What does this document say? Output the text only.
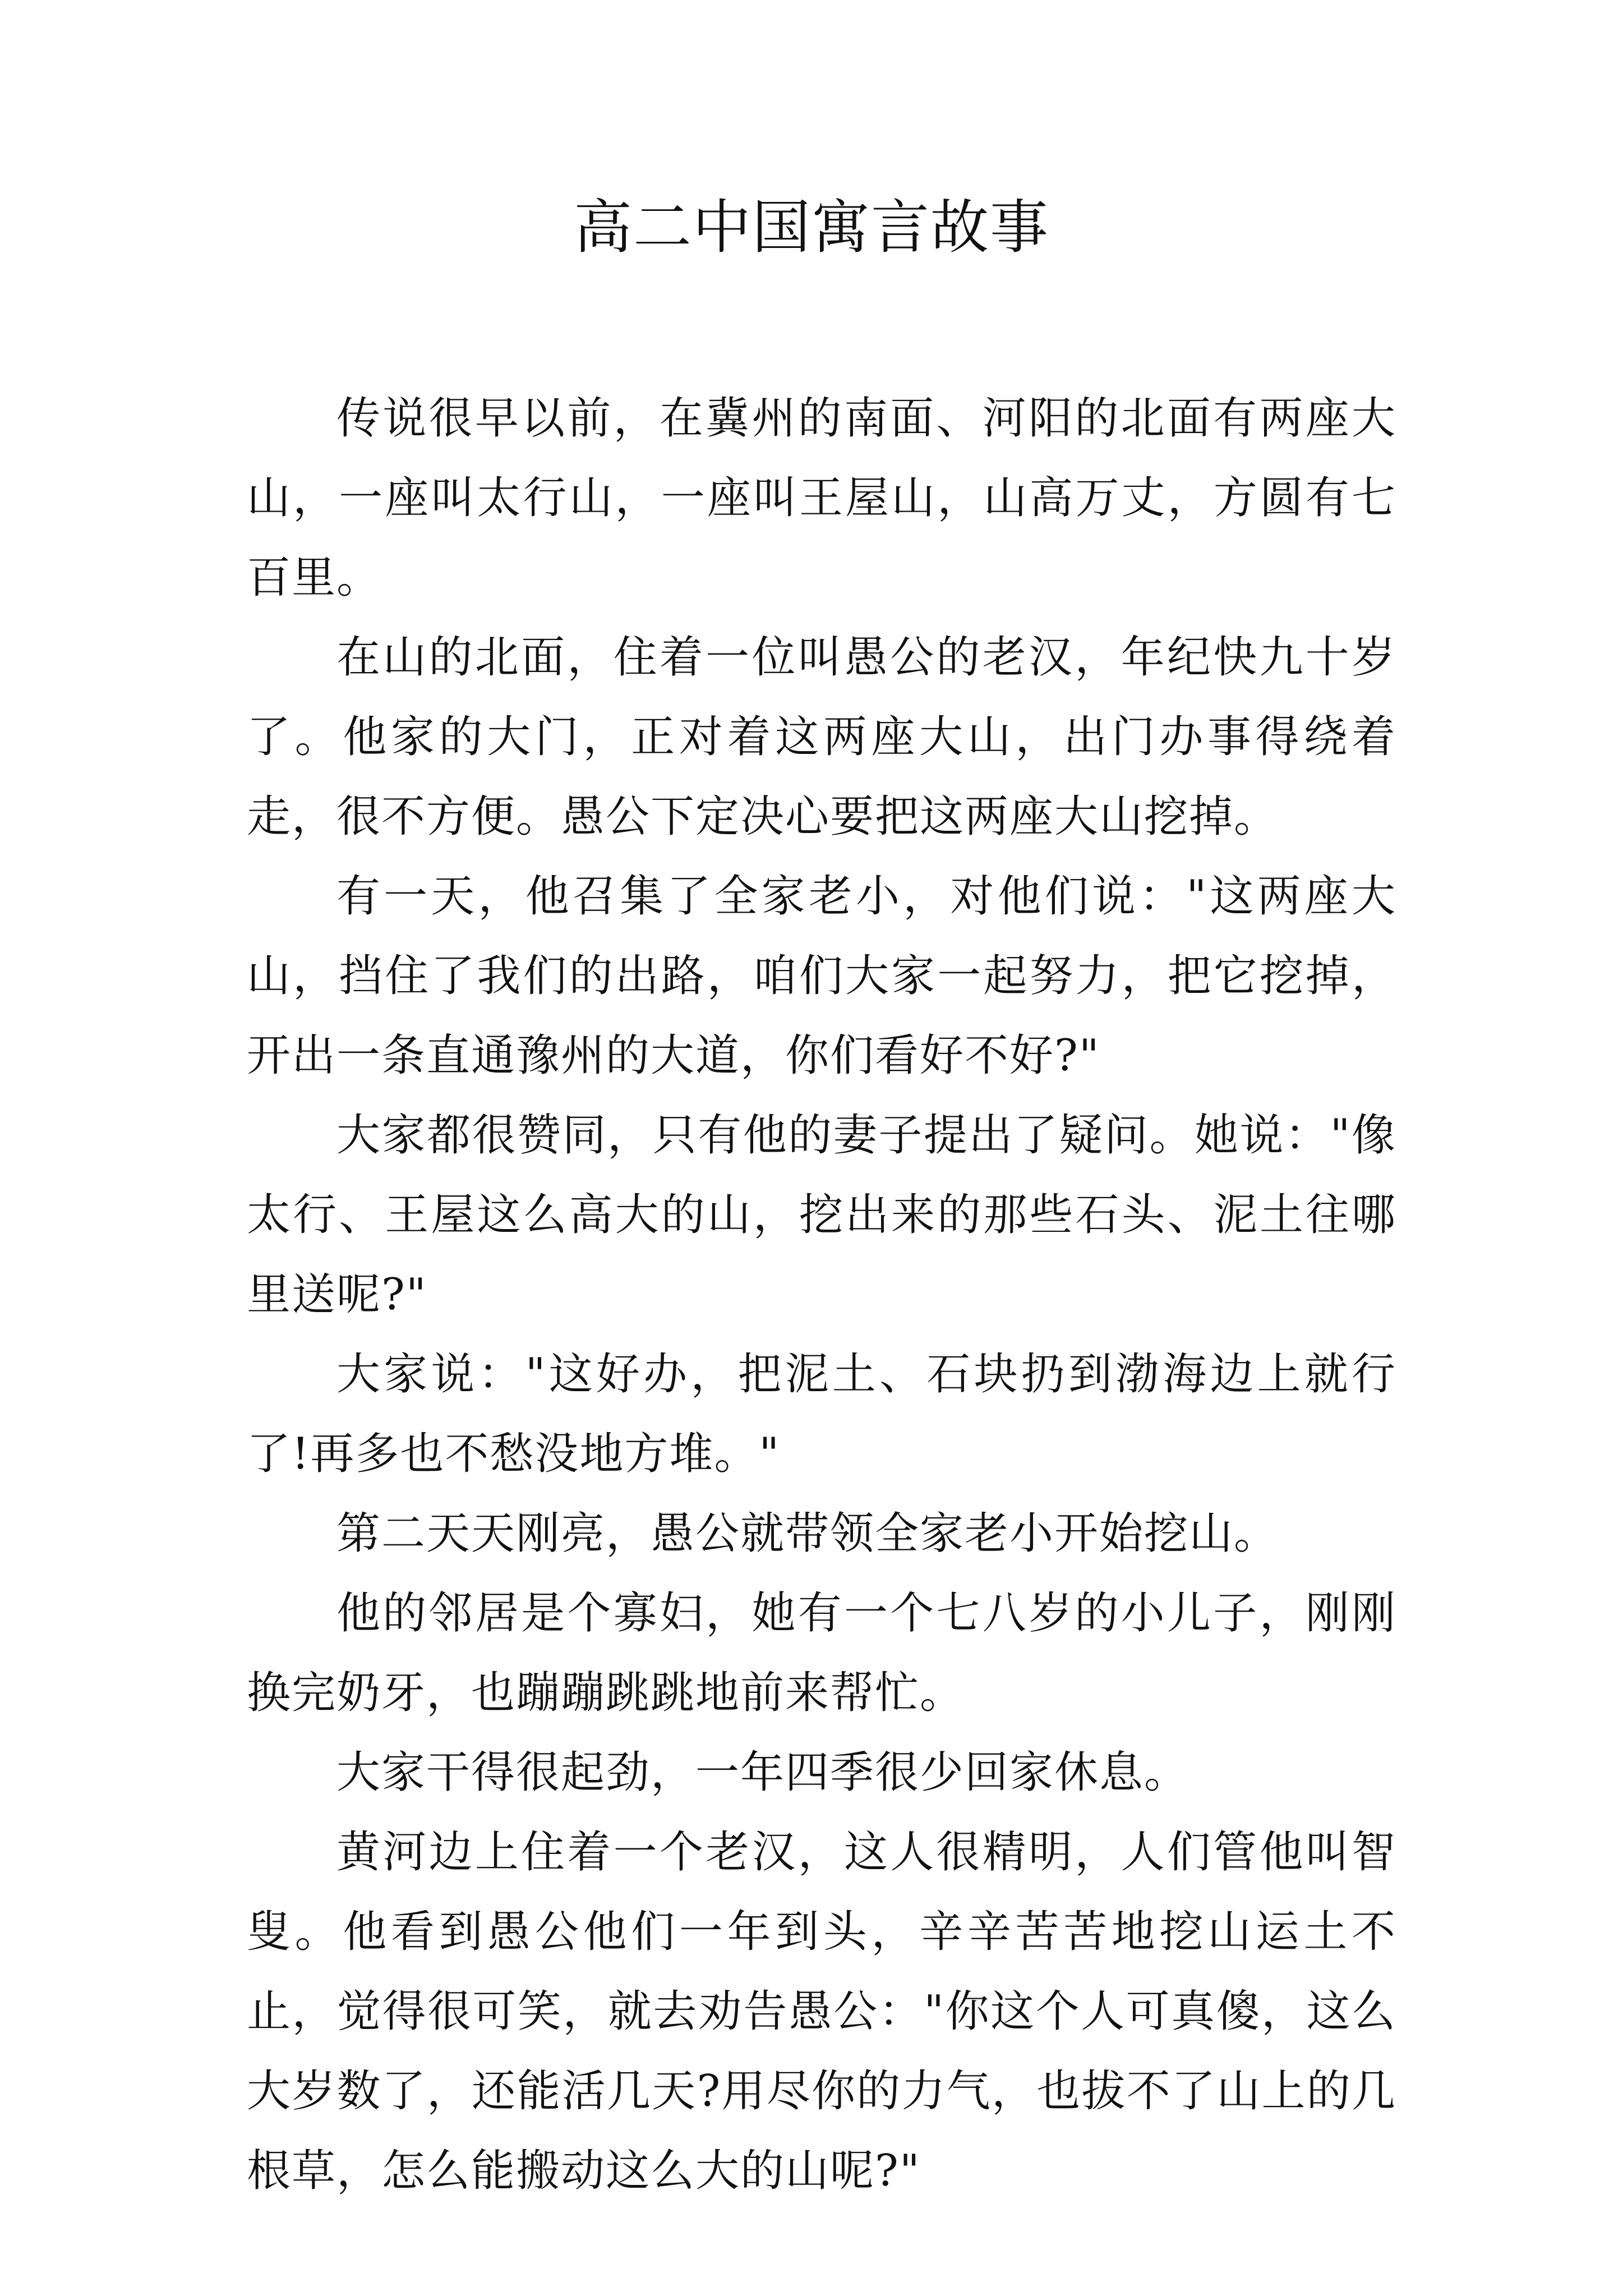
高二中国寓言故事

传说很早以前，在冀州的南面、河阳的北面有两座大山，一座叫太行山，一座叫王屋山，山高万丈，方圆有七百里。

在山的北面，住着一位叫愚公的老汉，年纪快九十岁了。他家的大门，正对着这两座大山，出门办事得绕着走，很不方便。愚公下定决心要把这两座大山挖掉。

有一天，他召集了全家老小，对他们说："这两座大山，挡住了我们的出路，咱们大家一起努力，把它挖掉，开出一条直通豫州的大道，你们看好不好?"

大家都很赞同，只有他的妻子提出了疑问。她说："像太行、王屋这么高大的山，挖出来的那些石头、泥土往哪里送呢?"

大家说："这好办，把泥土、石块扔到渤海边上就行了!再多也不愁没地方堆。"

第二天天刚亮，愚公就带领全家老小开始挖山。

他的邻居是个寡妇，她有一个七八岁的小儿子，刚刚换完奶牙，也蹦蹦跳跳地前来帮忙。

大家干得很起劲，一年四季很少回家休息。

黄河边上住着一个老汉，这人很精明，人们管他叫智叟。他看到愚公他们一年到头，辛辛苦苦地挖山运土不止，觉得很可笑，就去劝告愚公："你这个人可真傻，这么大岁数了，还能活几天?用尽你的力气，也拔不了山上的几根草，怎么能搬动这么大的山呢?"
